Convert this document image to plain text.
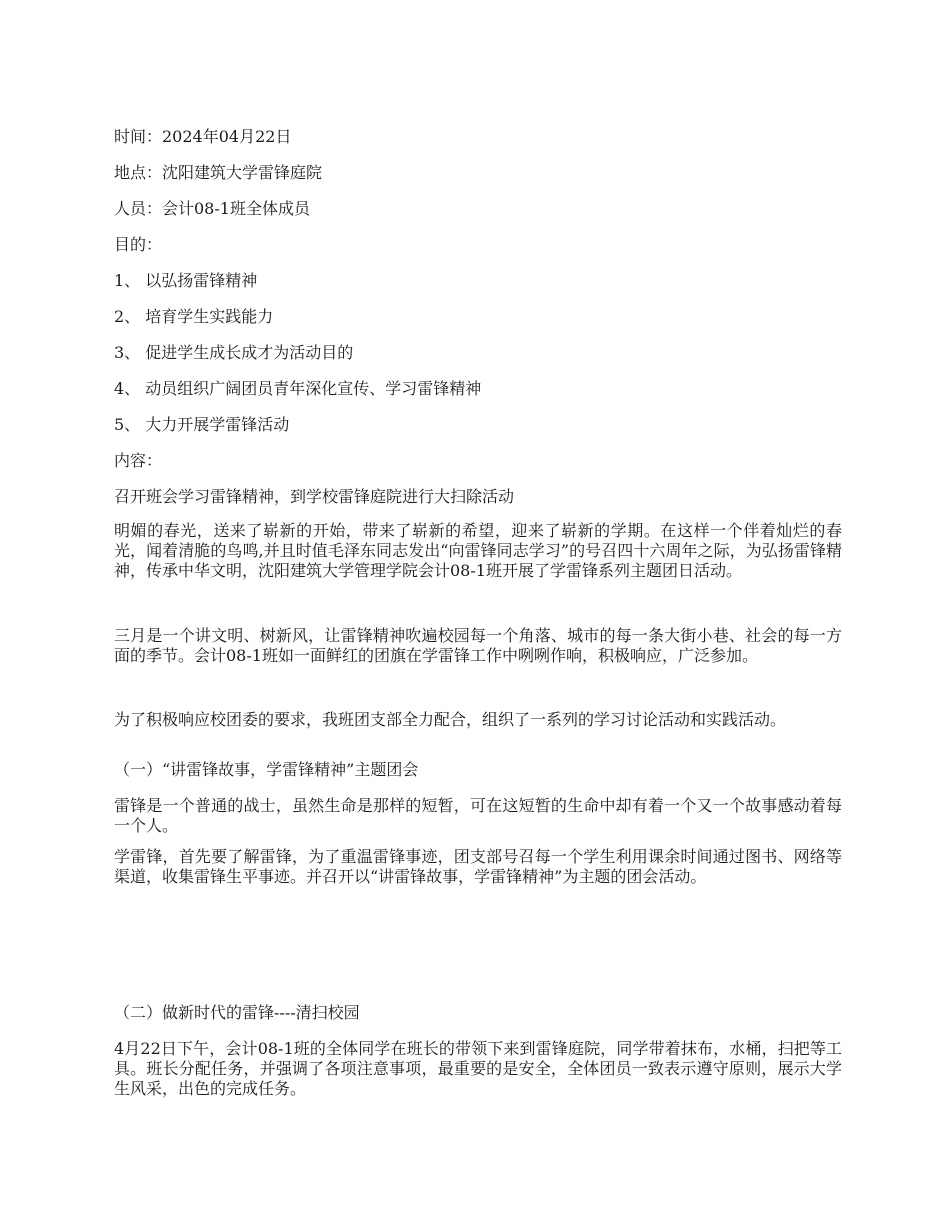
时间：2024年04月22日
地点：沈阳建筑大学雷锋庭院
人员：会计08-1班全体成员
目的：
1、 以弘扬雷锋精神
2、 培育学生实践能力
3、 促进学生成长成才为活动目的
4、 动员组织广阔团员青年深化宣传、学习雷锋精神
5、 大力开展学雷锋活动
内容：
召开班会学习雷锋精神，到学校雷锋庭院进行大扫除活动
明媚的春光，送来了崭新的开始，带来了崭新的希望，迎来了崭新的学期。在这样一个伴着灿烂的春光，闻着清脆的鸟鸣,并且时值毛泽东同志发出“向雷锋同志学习”的号召四十六周年之际，为弘扬雷锋精神，传承中华文明，沈阳建筑大学管理学院会计08-1班开展了学雷锋系列主题团日活动。
三月是一个讲文明、树新风，让雷锋精神吹遍校园每一个角落、城市的每一条大街小巷、社会的每一方面的季节。会计08-1班如一面鲜红的团旗在学雷锋工作中咧咧作响，积极响应，广泛参加。
为了积极响应校团委的要求，我班团支部全力配合，组织了一系列的学习讨论活动和实践活动。
（一）“讲雷锋故事，学雷锋精神”主题团会
雷锋是一个普通的战士，虽然生命是那样的短暂，可在这短暂的生命中却有着一个又一个故事感动着每一个人。
学雷锋，首先要了解雷锋，为了重温雷锋事迹，团支部号召每一个学生利用课余时间通过图书、网络等渠道，收集雷锋生平事迹。并召开以“讲雷锋故事，学雷锋精神”为主题的团会活动。
（二）做新时代的雷锋----清扫校园
4月22日下午，会计08-1班的全体同学在班长的带领下来到雷锋庭院，同学带着抹布，水桶，扫把等工具。班长分配任务，并强调了各项注意事项，最重要的是安全，全体团员一致表示遵守原则，展示大学生风采，出色的完成任务。
